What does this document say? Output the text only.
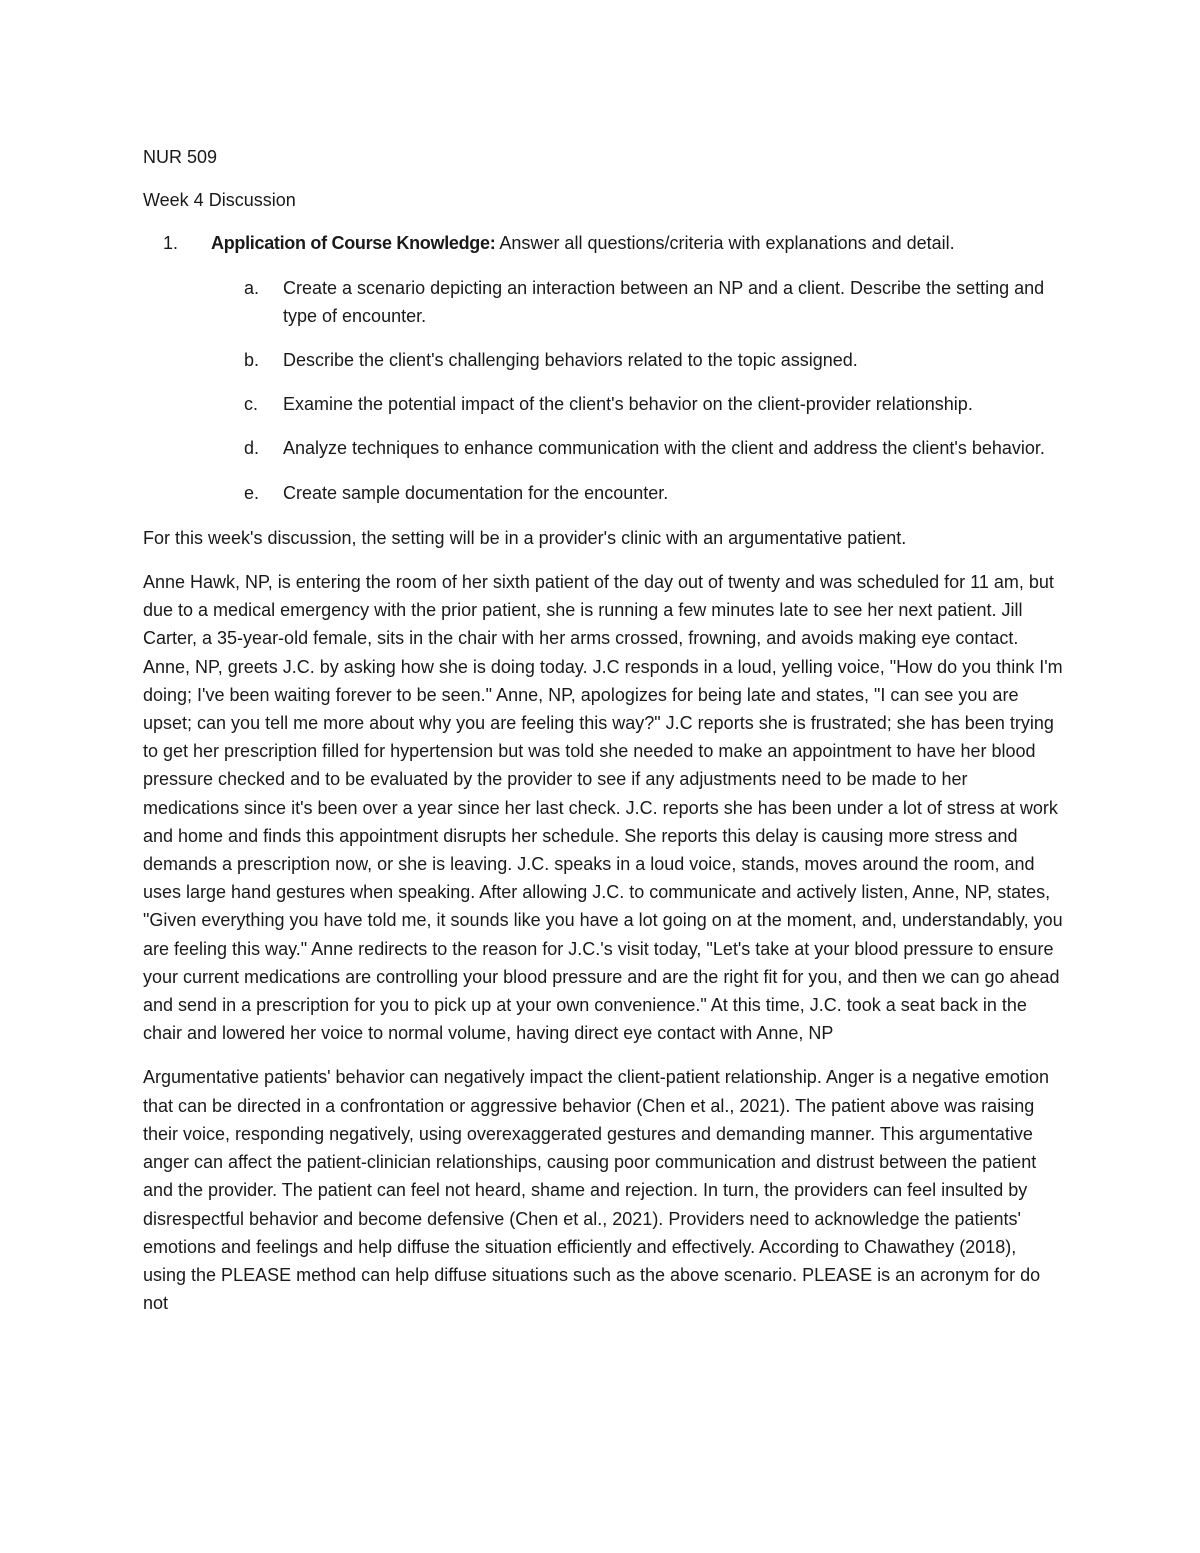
NUR 509

Week 4 Discussion

1.	Application of Course Knowledge: Answer all questions/criteria with explanations and detail.
a.	Create a scenario depicting an interaction between an NP and a client. Describe the setting and type of encounter.
b.	Describe the client's challenging behaviors related to the topic assigned.
c.	Examine the potential impact of the client's behavior on the client-provider relationship.
d.	Analyze techniques to enhance communication with the client and address the client's behavior.
e.	Create sample documentation for the encounter.

For this week's discussion, the setting will be in a provider's clinic with an argumentative patient.

Anne Hawk, NP, is entering the room of her sixth patient of the day out of twenty and was scheduled for 11 am, but due to a medical emergency with the prior patient, she is running a few minutes late to see her next patient. Jill Carter, a 35-year-old female, sits in the chair with her arms crossed, frowning, and avoids making eye contact. Anne, NP, greets J.C. by asking how she is doing today. J.C responds in a loud, yelling voice, "How do you think I'm doing; I've been waiting forever to be seen." Anne, NP, apologizes for being late and states, "I can see you are upset; can you tell me more about why you are feeling this way?" J.C reports she is frustrated; she has been trying to get her prescription filled for hypertension but was told she needed to make an appointment to have her blood pressure checked and to be evaluated by the provider to see if any adjustments need to be made to her medications since it's been over a year since her last check. J.C. reports she has been under a lot of stress at work and home and finds this appointment disrupts her schedule. She reports this delay is causing more stress and demands a prescription now, or she is leaving. J.C. speaks in a loud voice, stands, moves around the room, and uses large hand gestures when speaking. After allowing J.C. to communicate and actively listen, Anne, NP, states, "Given everything you have told me, it sounds like you have a lot going on at the moment, and, understandably, you are feeling this way." Anne redirects to the reason for J.C.'s visit today, "Let's take at your blood pressure to ensure your current medications are controlling your blood pressure and are the right fit for you, and then we can go ahead and send in a prescription for you to pick up at your own convenience." At this time, J.C. took a seat back in the chair and lowered her voice to normal volume, having direct eye contact with Anne, NP

Argumentative patients' behavior can negatively impact the client-patient relationship. Anger is a negative emotion that can be directed in a confrontation or aggressive behavior (Chen et al., 2021). The patient above was raising their voice, responding negatively, using overexaggerated gestures and demanding manner. This argumentative anger can affect the patient-clinician relationships, causing poor communication and distrust between the patient and the provider. The patient can feel not heard, shame and rejection. In turn, the providers can feel insulted by disrespectful behavior and become defensive (Chen et al., 2021). Providers need to acknowledge the patients' emotions and feelings and help diffuse the situation efficiently and effectively. According to Chawathey (2018), using the PLEASE method can help diffuse situations such as the above scenario. PLEASE is an acronym for do not
